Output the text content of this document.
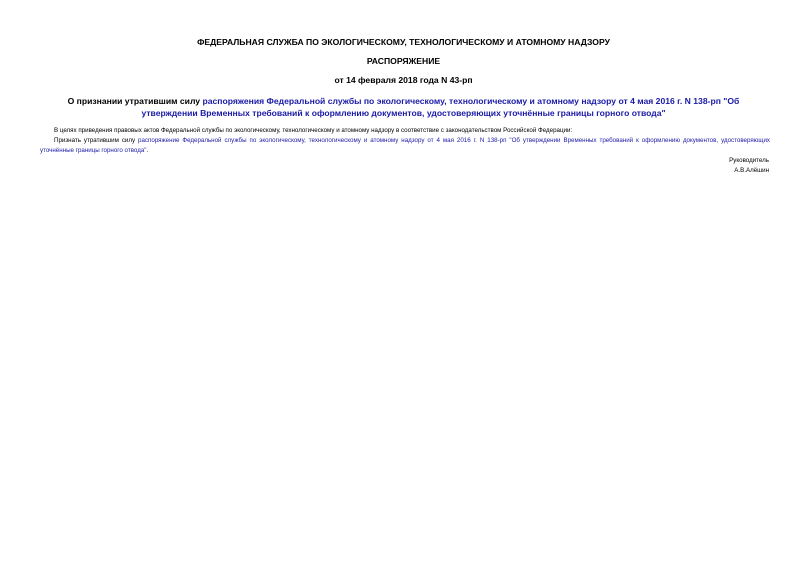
ФЕДЕРАЛЬНАЯ СЛУЖБА ПО ЭКОЛОГИЧЕСКОМУ, ТЕХНОЛОГИЧЕСКОМУ И АТОМНОМУ НАДЗОРУ
РАСПОРЯЖЕНИЕ
от 14 февраля 2018 года N 43-рп
О признании утратившим силу распоряжения Федеральной службы по экологическому, технологическому и атомному надзору от 4 мая 2016 г. N 138-рп "Об утверждении Временных требований к оформлению документов, удостоверяющих уточнённые границы горного отвода"
В целях приведения правовых актов Федеральной службы по экологическому, технологическому и атомному надзору в соответствие с законодательством Российской Федерации:
Признать утратившим силу распоряжение Федеральной службы по экологическому, технологическому и атомному надзору от 4 мая 2016 г. N 138-рп "Об утверждении Временных требований к оформлению документов, удостоверяющих уточнённые границы горного отвода".
Руководитель
А.В.Алёшин
